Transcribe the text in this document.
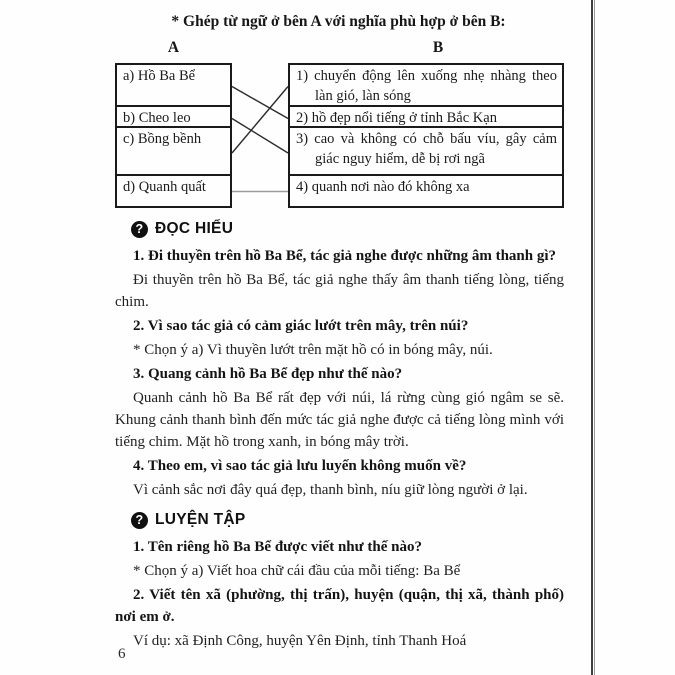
* Ghép từ ngữ ở bên A với nghĩa phù hợp ở bên B:

A	B

a) Hồ Ba Bể

b) Cheo leo

c) Bồng bềnh

d) Quanh quất

1) chuyển động lên xuống nhẹ nhàng theo làn gió, làn sóng

2) hồ đẹp nổi tiếng ở tỉnh Bắc Kạn

3) cao và không có chỗ bấu víu, gây cảm giác nguy hiểm, dễ bị rơi ngã

4) quanh nơi nào đó không xa

? ĐỌC HIỂU

1. Đi thuyền trên hồ Ba Bể, tác giả nghe được những âm thanh gì?

Đi thuyền trên hồ Ba Bể, tác giả nghe thấy âm thanh tiếng lòng, tiếng chim.

2. Vì sao tác giả có cảm giác lướt trên mây, trên núi?

* Chọn ý a) Vì thuyền lướt trên mặt hồ có in bóng mây, núi.

3. Quang cảnh hồ Ba Bể đẹp như thế nào?

Quanh cảnh hồ Ba Bể rất đẹp với núi, lá rừng cùng gió ngâm se sẽ. Khung cảnh thanh bình đến mức tác giả nghe được cả tiếng lòng mình với tiếng chim. Mặt hồ trong xanh, in bóng mây trời.

4. Theo em, vì sao tác giả lưu luyến không muốn về?

Vì cảnh sắc nơi đây quá đẹp, thanh bình, níu giữ lòng người ở lại.

? LUYỆN TẬP

1. Tên riêng hồ Ba Bể được viết như thế nào?

* Chọn ý a) Viết hoa chữ cái đầu của mỗi tiếng: Ba Bể

2. Viết tên xã (phường, thị trấn), huyện (quận, thị xã, thành phố) nơi em ở.

Ví dụ: xã Định Công, huyện Yên Định, tỉnh Thanh Hoá

6
